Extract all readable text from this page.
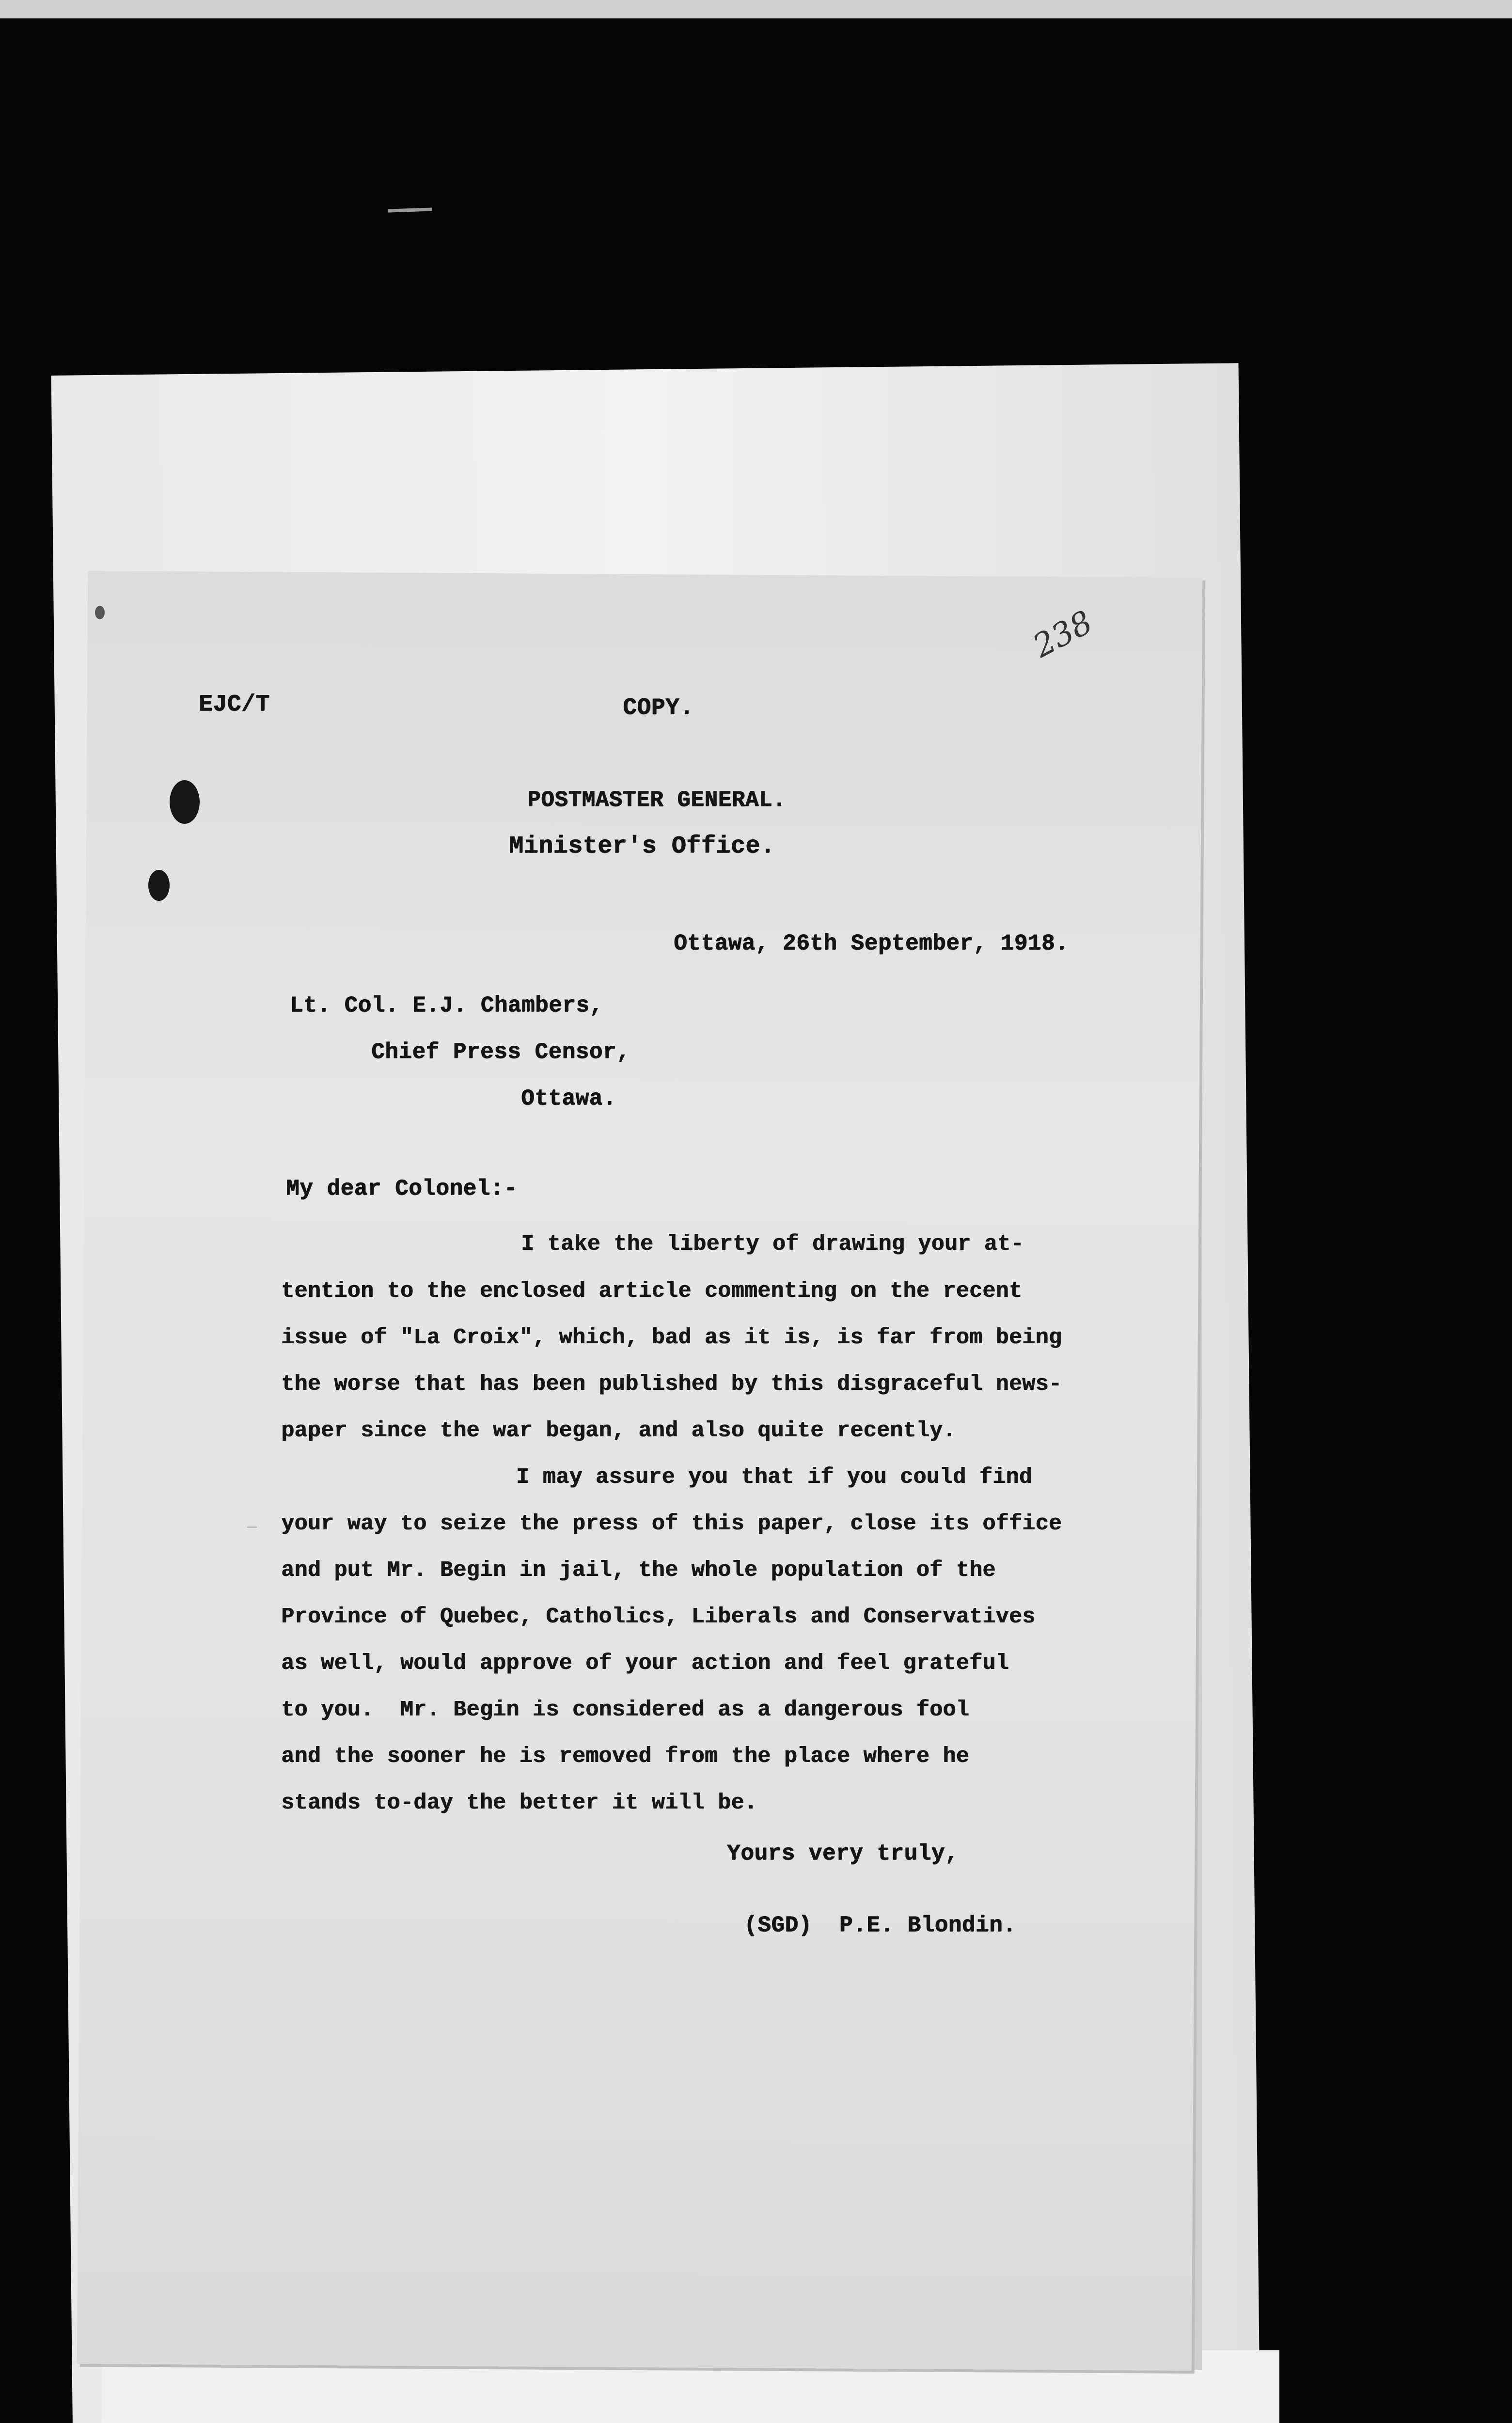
EJC/T	COPY.
238
POSTMASTER GENERAL.
Minister's Office.
Ottawa, 26th September, 1918.
Lt. Col. E.J. Chambers,
Chief Press Censor,
Ottawa.
My dear Colonel:-
I take the liberty of drawing your at-
tention to the enclosed article commenting on the recent
issue of "La Croix", which, bad as it is, is far from being
the worse that has been published by this disgraceful news-
paper since the war began, and also quite recently.
I may assure you that if you could find
your way to seize the press of this paper, close its office
and put Mr. Begin in jail, the whole population of the
Province of Quebec, Catholics, Liberals and Conservatives
as well, would approve of your action and feel grateful
to you.  Mr. Begin is considered as a dangerous fool
and the sooner he is removed from the place where he
stands to-day the better it will be.
Yours very truly,
(SGD)  P.E. Blondin.
